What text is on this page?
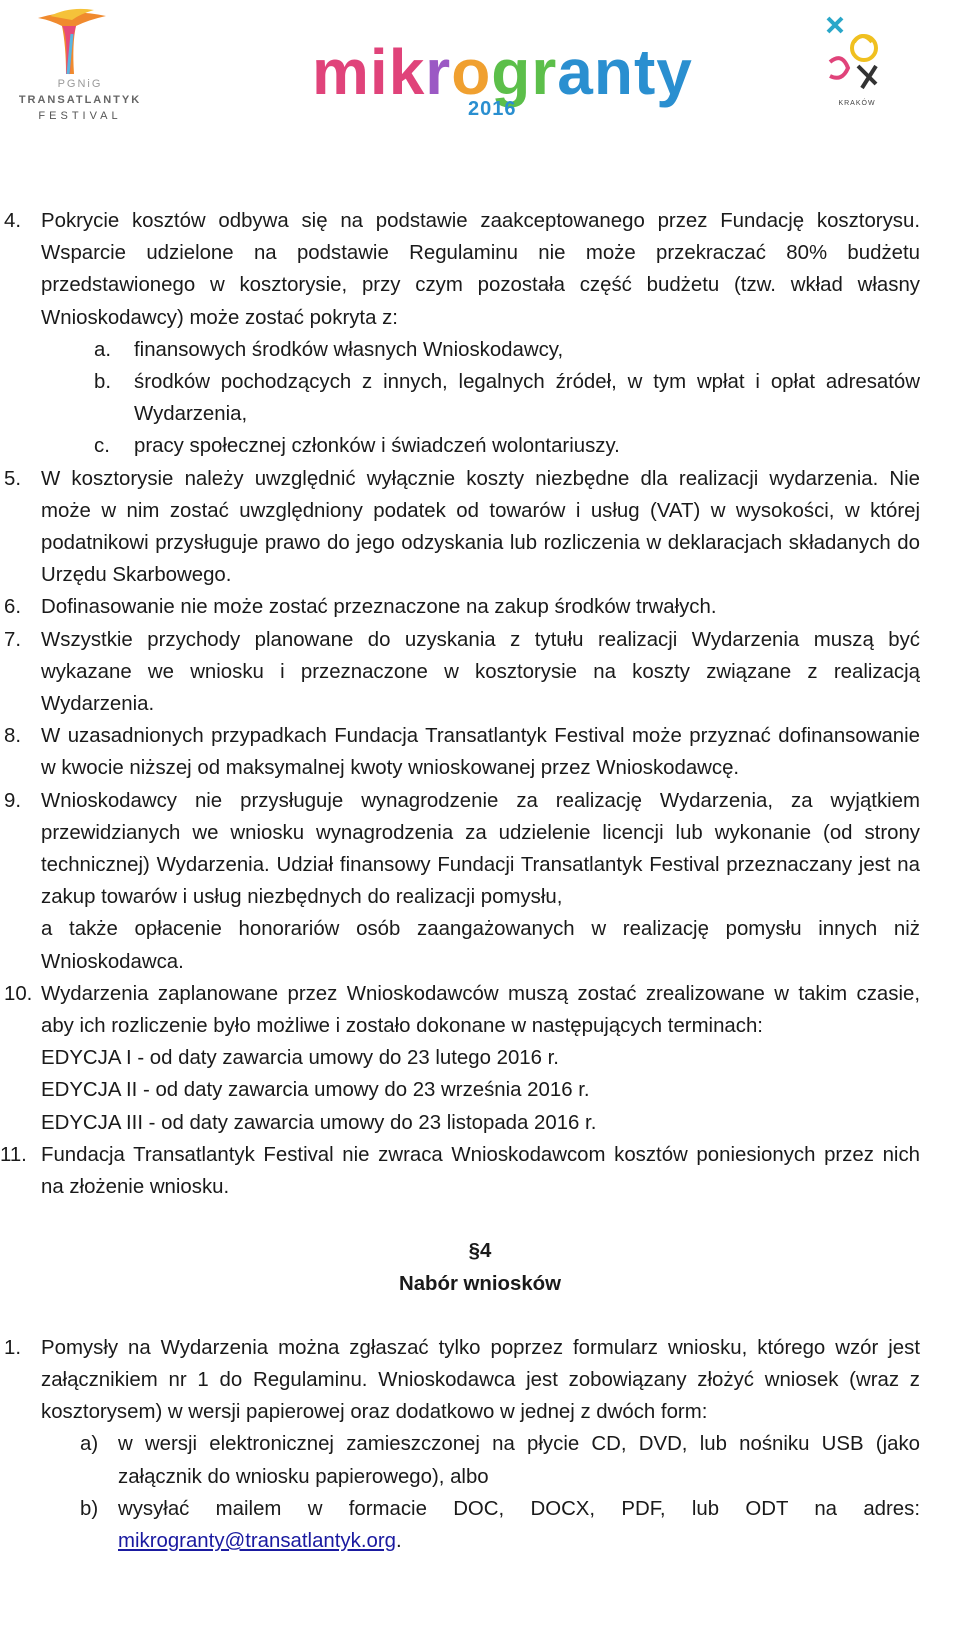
PGNiG
TRANSATLANTYK
FESTIVAL
mikrogranty
2016	KRAKÓW
4. Pokrycie kosztów odbywa się na podstawie zaakceptowanego przez Fundację kosztorysu. Wsparcie udzielone na podstawie Regulaminu nie może przekraczać 80% budżetu przedstawionego w kosztorysie, przy czym pozostała część budżetu (tzw. wkład własny Wnioskodawcy) może zostać pokryta z:
a. finansowych środków własnych Wnioskodawcy,
b. środków pochodzących z innych, legalnych źródeł, w tym wpłat i opłat adresatów Wydarzenia,
c. pracy społecznej członków i świadczeń wolontariuszy.
5. W kosztorysie należy uwzględnić wyłącznie koszty niezbędne dla realizacji wydarzenia. Nie może w nim zostać uwzględniony podatek od towarów i usług (VAT) w wysokości, w której podatnikowi przysługuje prawo do jego odzyskania lub rozliczenia w deklaracjach składanych do Urzędu Skarbowego.
6. Dofinasowanie nie może zostać przeznaczone na zakup środków trwałych.
7. Wszystkie przychody planowane do uzyskania z tytułu realizacji Wydarzenia muszą być wykazane we wniosku i przeznaczone w kosztorysie na koszty związane z realizacją Wydarzenia.
8. W uzasadnionych przypadkach Fundacja Transatlantyk Festival może przyznać dofinansowanie w kwocie niższej od maksymalnej kwoty wnioskowanej przez Wnioskodawcę.
9. Wnioskodawcy nie przysługuje wynagrodzenie za realizację Wydarzenia, za wyjątkiem przewidzianych we wniosku wynagrodzenia za udzielenie licencji lub wykonanie (od strony technicznej) Wydarzenia. Udział finansowy Fundacji Transatlantyk Festival przeznaczany jest na zakup towarów i usług niezbędnych do realizacji pomysłu,
a także opłacenie honorariów osób zaangażowanych w realizację pomysłu innych niż Wnioskodawca.
10. Wydarzenia zaplanowane przez Wnioskodawców muszą zostać zrealizowane w takim czasie, aby ich rozliczenie było możliwe i zostało dokonane w następujących terminach:
EDYCJA I - od daty zawarcia umowy do 23 lutego 2016 r.
EDYCJA II - od daty zawarcia umowy do 23 września 2016 r.
EDYCJA III - od daty zawarcia umowy do 23 listopada 2016 r.
11. Fundacja Transatlantyk Festival nie zwraca Wnioskodawcom kosztów poniesionych przez nich na złożenie wniosku.
§4
Nabór wniosków
1. Pomysły na Wydarzenia można zgłaszać tylko poprzez formularz wniosku, którego wzór jest załącznikiem nr 1 do Regulaminu. Wnioskodawca jest zobowiązany złożyć wniosek (wraz z kosztorysem) w wersji papierowej oraz dodatkowo w jednej z dwóch form:
a) w wersji elektronicznej zamieszczonej na płycie CD, DVD, lub nośniku USB (jako załącznik do wniosku papierowego), albo
b) wysyłać mailem w formacie DOC, DOCX, PDF, lub ODT na adres: mikrogranty@transatlantyk.org.
